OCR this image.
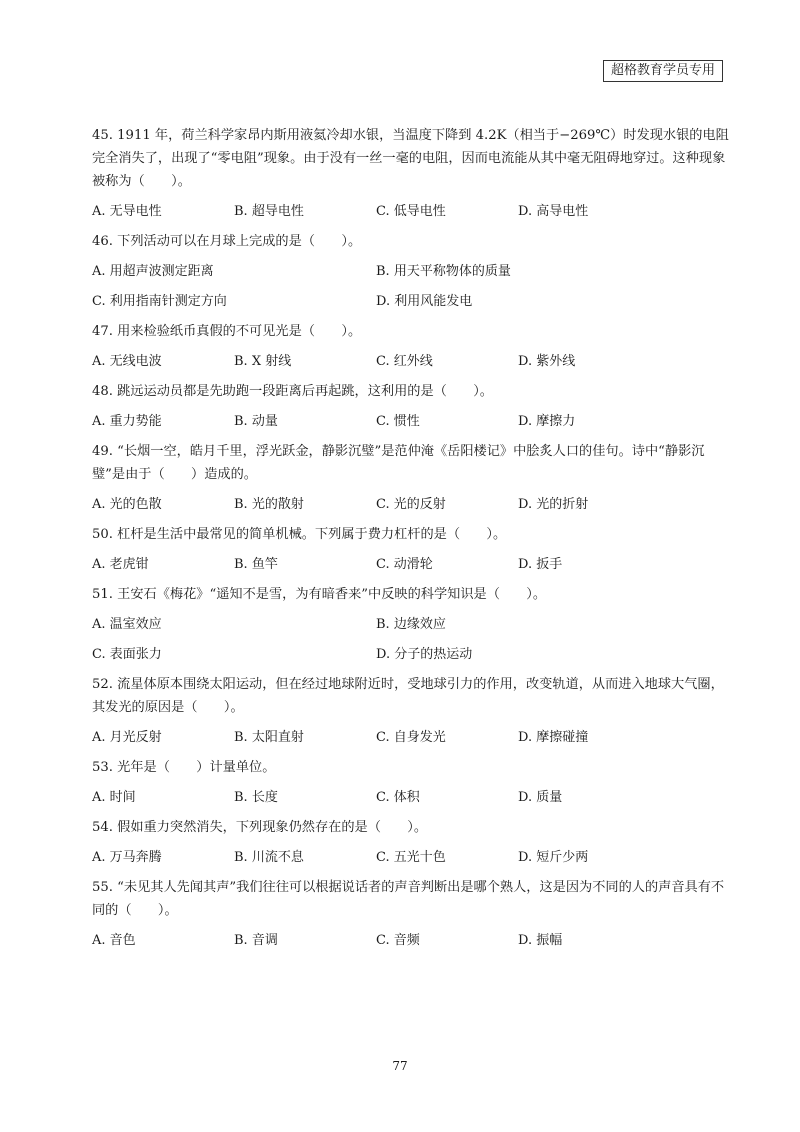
超格教育学员专用
45. 1911 年，荷兰科学家昂内斯用液氦冷却水银，当温度下降到 4.2K（相当于−269℃）时发现水银的电阻完全消失了，出现了“零电阻”现象。由于没有一丝一毫的电阻，因而电流能从其中毫无阻碍地穿过。这种现象被称为（　　）。
A. 无导电性	B. 超导电性	C. 低导电性	D. 高导电性
46. 下列活动可以在月球上完成的是（　　）。
A. 用超声波测定距离	B. 用天平称物体的质量
C. 利用指南针测定方向	D. 利用风能发电
47. 用来检验纸币真假的不可见光是（　　）。
A. 无线电波	B. X 射线	C. 红外线	D. 紫外线
48. 跳远运动员都是先助跑一段距离后再起跳，这利用的是（　　）。
A. 重力势能	B. 动量	C. 惯性	D. 摩擦力
49. “长烟一空，皓月千里，浮光跃金，静影沉璧”是范仲淹《岳阳楼记》中脍炙人口的佳句。诗中“静影沉璧”是由于（　　）造成的。
A. 光的色散	B. 光的散射	C. 光的反射	D. 光的折射
50. 杠杆是生活中最常见的简单机械。下列属于费力杠杆的是（　　）。
A. 老虎钳	B. 鱼竿	C. 动滑轮	D. 扳手
51. 王安石《梅花》“遥知不是雪，为有暗香来”中反映的科学知识是（　　）。
A. 温室效应	B. 边缘效应
C. 表面张力	D. 分子的热运动
52. 流星体原本围绕太阳运动，但在经过地球附近时，受地球引力的作用，改变轨道，从而进入地球大气圈，其发光的原因是（　　）。
A. 月光反射	B. 太阳直射	C. 自身发光	D. 摩擦碰撞
53. 光年是（　　）计量单位。
A. 时间	B. 长度	C. 体积	D. 质量
54. 假如重力突然消失，下列现象仍然存在的是（　　）。
A. 万马奔腾	B. 川流不息	C. 五光十色	D. 短斤少两
55. “未见其人先闻其声”我们往往可以根据说话者的声音判断出是哪个熟人，这是因为不同的人的声音具有不同的（　　）。
A. 音色	B. 音调	C. 音频	D. 振幅
77
